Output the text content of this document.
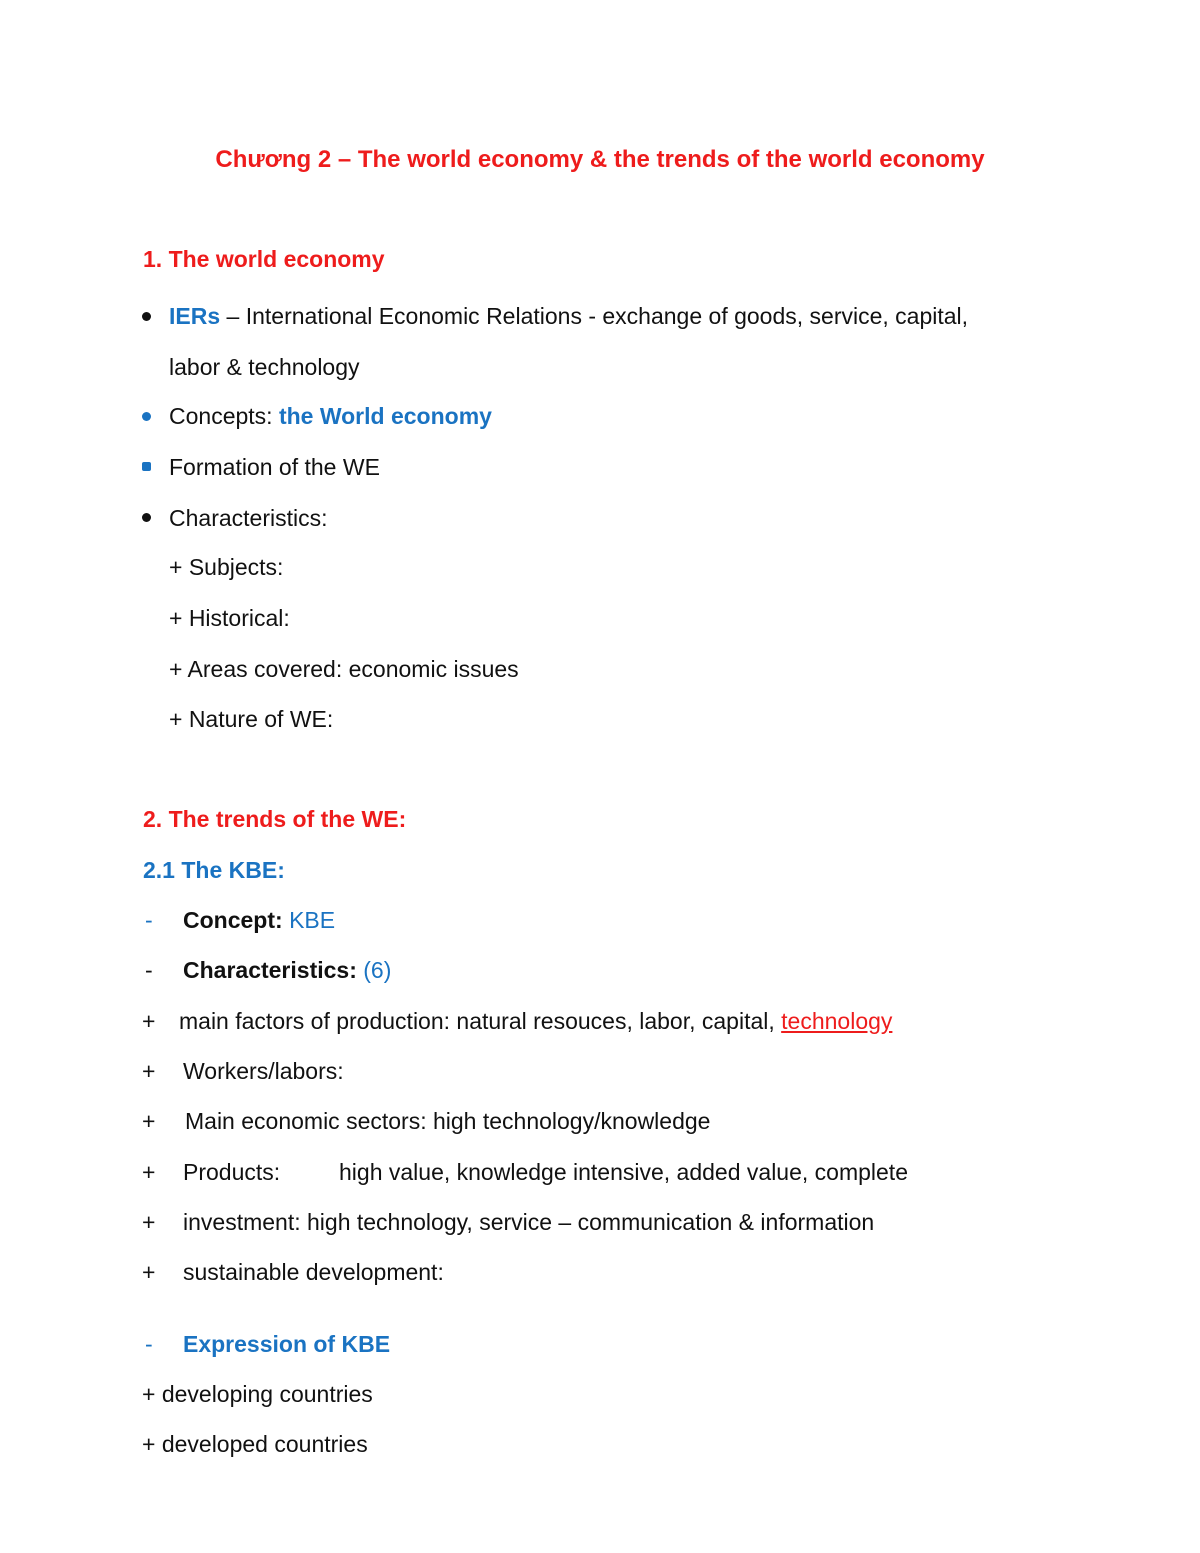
Chương 2 – The world economy & the trends of the world economy
1. The world economy
IERs – International Economic Relations - exchange of goods, service, capital,
labor & technology
Concepts: the World economy
Formation of the WE
Characteristics:
+ Subjects:
+ Historical:
+ Areas covered: economic issues
+ Nature of WE:
2. The trends of the WE:
2.1 The KBE:
- Concept: KBE
- Characteristics: (6)
+ main factors of production: natural resouces, labor, capital, technology
+ Workers/labors:
+ Main economic sectors: high technology/knowledge
+ Products:	high value, knowledge intensive, added value, complete
+ investment: high technology, service – communication & information
+ sustainable development:
- Expression of KBE
+ developing countries
+ developed countries
